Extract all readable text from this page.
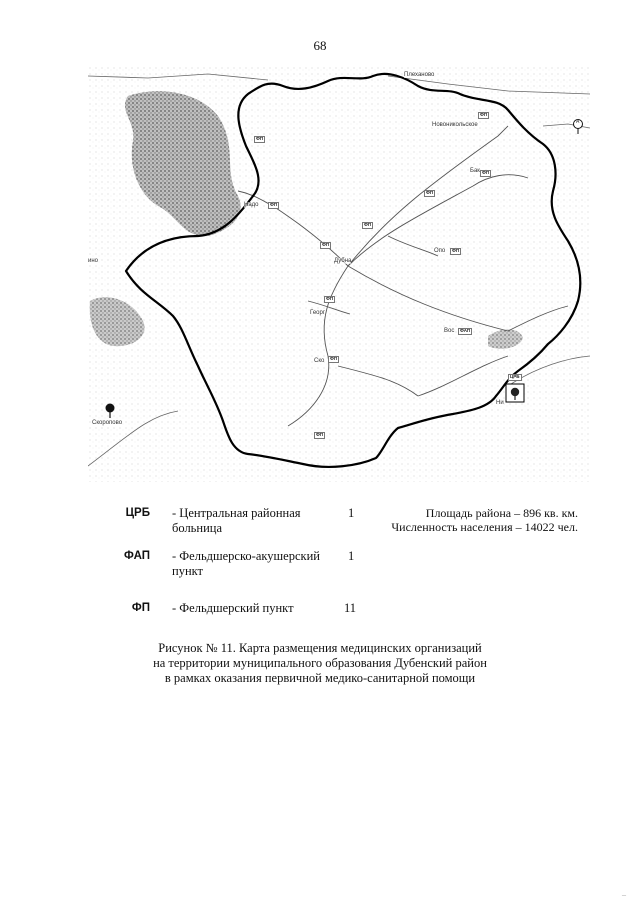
68
Плеханово
Новоникольское
Дубна
Скоропово
Опо
Надо
Георг
Ско
Вос
Ни
Бак
ино
ФП
ФП
ФП
ФП
ФП
ФП
ФП
ФП
ФАП
ЦРБ
ФП
ФП
ФП
A
ЦРБ - Центральная районная больница
1
ФАП - Фельдшерско-акушерский пункт
1
ФП - Фельдшерский пункт	11
Площадь района – 896 кв. км.
Численность населения – 14022 чел.
Рисунок № 11. Карта размещения медицинских организаций
на территории муниципального образования Дубенский район
в рамках оказания первичной медико-санитарной помощи
–
